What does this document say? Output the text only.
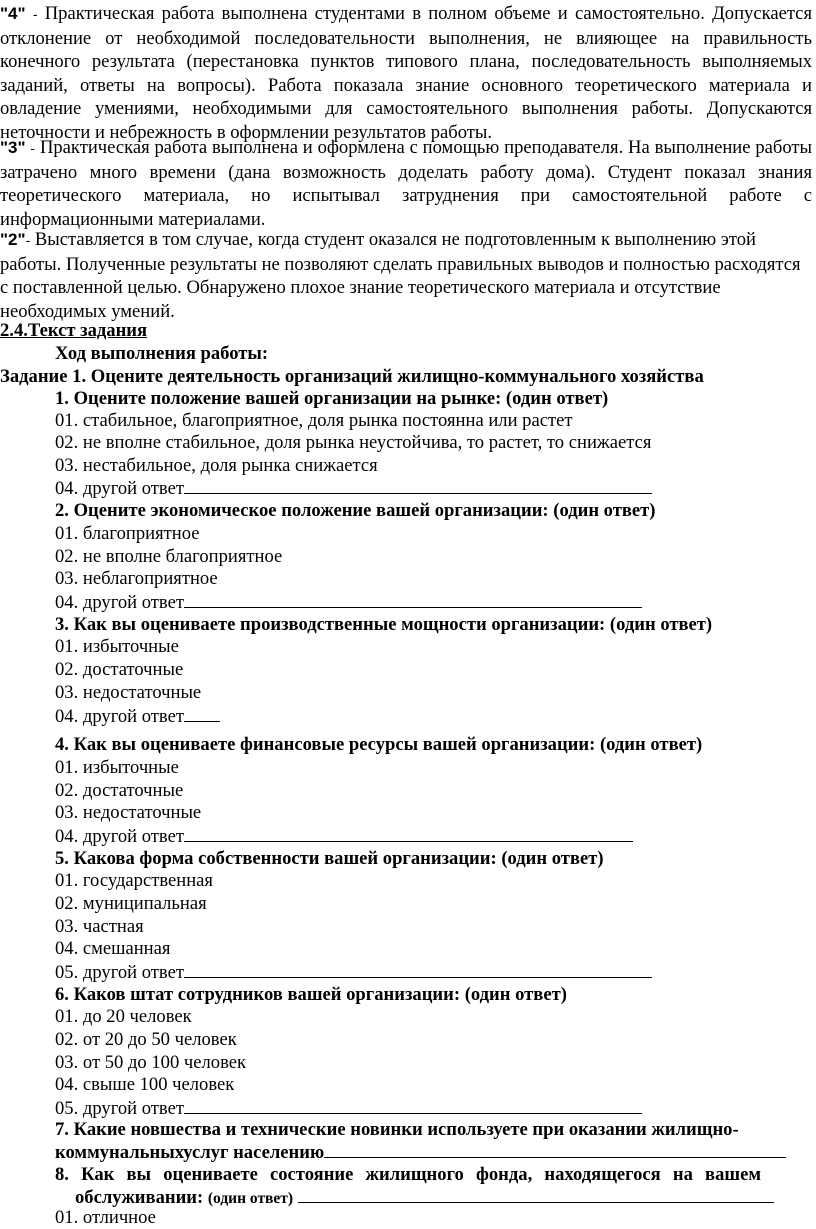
"4" - Практическая работа выполнена студентами в полном объеме и самостоятельно. Допускается отклонение от необходимой последовательности выполнения, не влияющее на правильность конечного результата (перестановка пунктов типового плана, последовательность выполняемых заданий, ответы на вопросы). Работа показала знание основного теоретического материала и овладение умениями, необходимыми для самостоятельного выполнения работы. Допускаются неточности и небрежность в оформлении результатов работы.
"3" - Практическая работа выполнена и оформлена с помощью преподавателя. На выполнение работы затрачено много времени (дана возможность доделать работу дома). Студент показал знания теоретического материала, но испытывал затруднения при самостоятельной работе с информационными материалами.
"2"- Выставляется в том случае, когда студент оказался не подготовленным к выполнению этой работы. Полученные результаты не позволяют сделать правильных выводов и полностью расходятся с поставленной целью. Обнаружено плохое знание теоретического материала и отсутствие необходимых умений.
2.4.Текст задания
Ход выполнения работы:
Задание 1. Оцените деятельность организаций жилищно-коммунального хозяйства
1. Оцените положение вашей организации на рынке: (один ответ)
01. стабильное, благоприятное, доля рынка постоянна или растет
02. не вполне стабильное, доля рынка неустойчива, то растет, то снижается
03. нестабильное, доля рынка снижается
04. другой ответ
2. Оцените экономическое положение вашей организации: (один ответ)
01. благоприятное
02. не вполне благоприятное
03. неблагоприятное
04. другой ответ
3. Как вы оцениваете производственные мощности организации: (один ответ)
01. избыточные
02. достаточные
03. недостаточные
04. другой ответ
4. Как вы оцениваете финансовые ресурсы вашей организации: (один ответ)
01. избыточные
02. достаточные
03. недостаточные
04. другой ответ
5. Какова форма собственности вашей организации: (один ответ)
01. государственная
02. муниципальная
03. частная
04. смешанная
05. другой ответ
6. Каков штат сотрудников вашей организации: (один ответ)
01. до 20 человек
02. от 20 до 50 человек
03. от 50 до 100 человек
04. свыше 100 человек
05. другой ответ
7. Какие новшества и технические новинки используете при оказании жилищно-
коммунальныхуслуг населению
8. Как вы оцениваете состояние жилищного фонда, находящегося на вашем
обслуживании: (один ответ)
01. отличное
